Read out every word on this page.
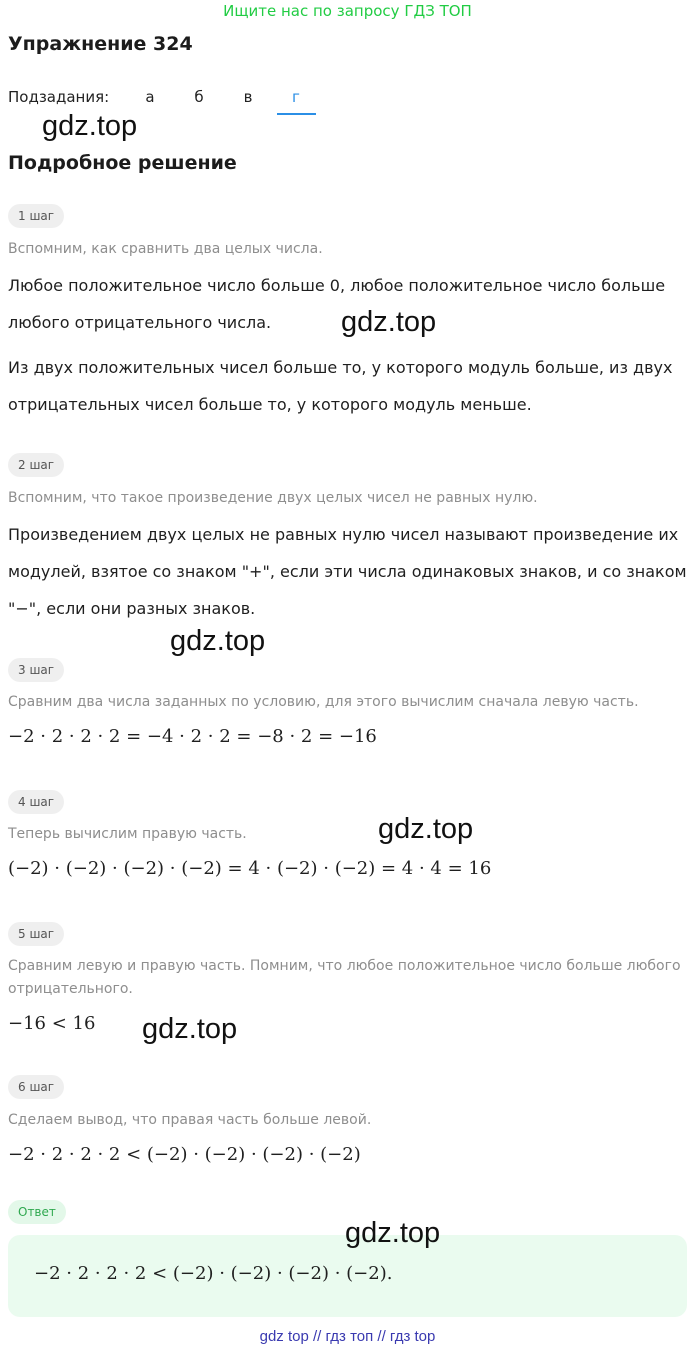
Ищите нас по запросу ГДЗ ТОП
Упражнение 324
Подзадания:	а	б	в	г
gdz.top
Подробное решение
1 шаг
Вспомним, как сравнить два целых числа.
Любое положительное число больше 0, любое положительное число больше любого отрицательного числа.	gdz.top
Из двух положительных чисел больше то, у которого модуль больше, из двух отрицательных чисел больше то, у которого модуль меньше.
2 шаг
Вспомним, что такое произведение двух целых чисел не равных нулю.
Произведением двух целых не равных нулю чисел называют произведение их модулей, взятое со знаком "+", если эти числа одинаковых знаков, и со знаком "−", если они разных знаков.
gdz.top
3 шаг
Сравним два числа заданных по условию, для этого вычислим сначала левую часть.
−2 · 2 · 2 · 2 = −4 · 2 · 2 = −8 · 2 = −16
4 шаг
gdz.top
Теперь вычислим правую часть.
(−2) · (−2) · (−2) · (−2) = 4 · (−2) · (−2) = 4 · 4 = 16
5 шаг
Сравним левую и правую часть. Помним, что любое положительное число больше любого отрицательного.
−16 < 16 gdz.top
6 шаг
Сделаем вывод, что правая часть больше левой.
−2 · 2 · 2 · 2 < (−2) · (−2) · (−2) · (−2)
Ответ
−2 · 2 · 2 · 2 < (−2) · (−2) · (−2) · (−2).
gdz.top
gdz top // гдз топ // гдз top
